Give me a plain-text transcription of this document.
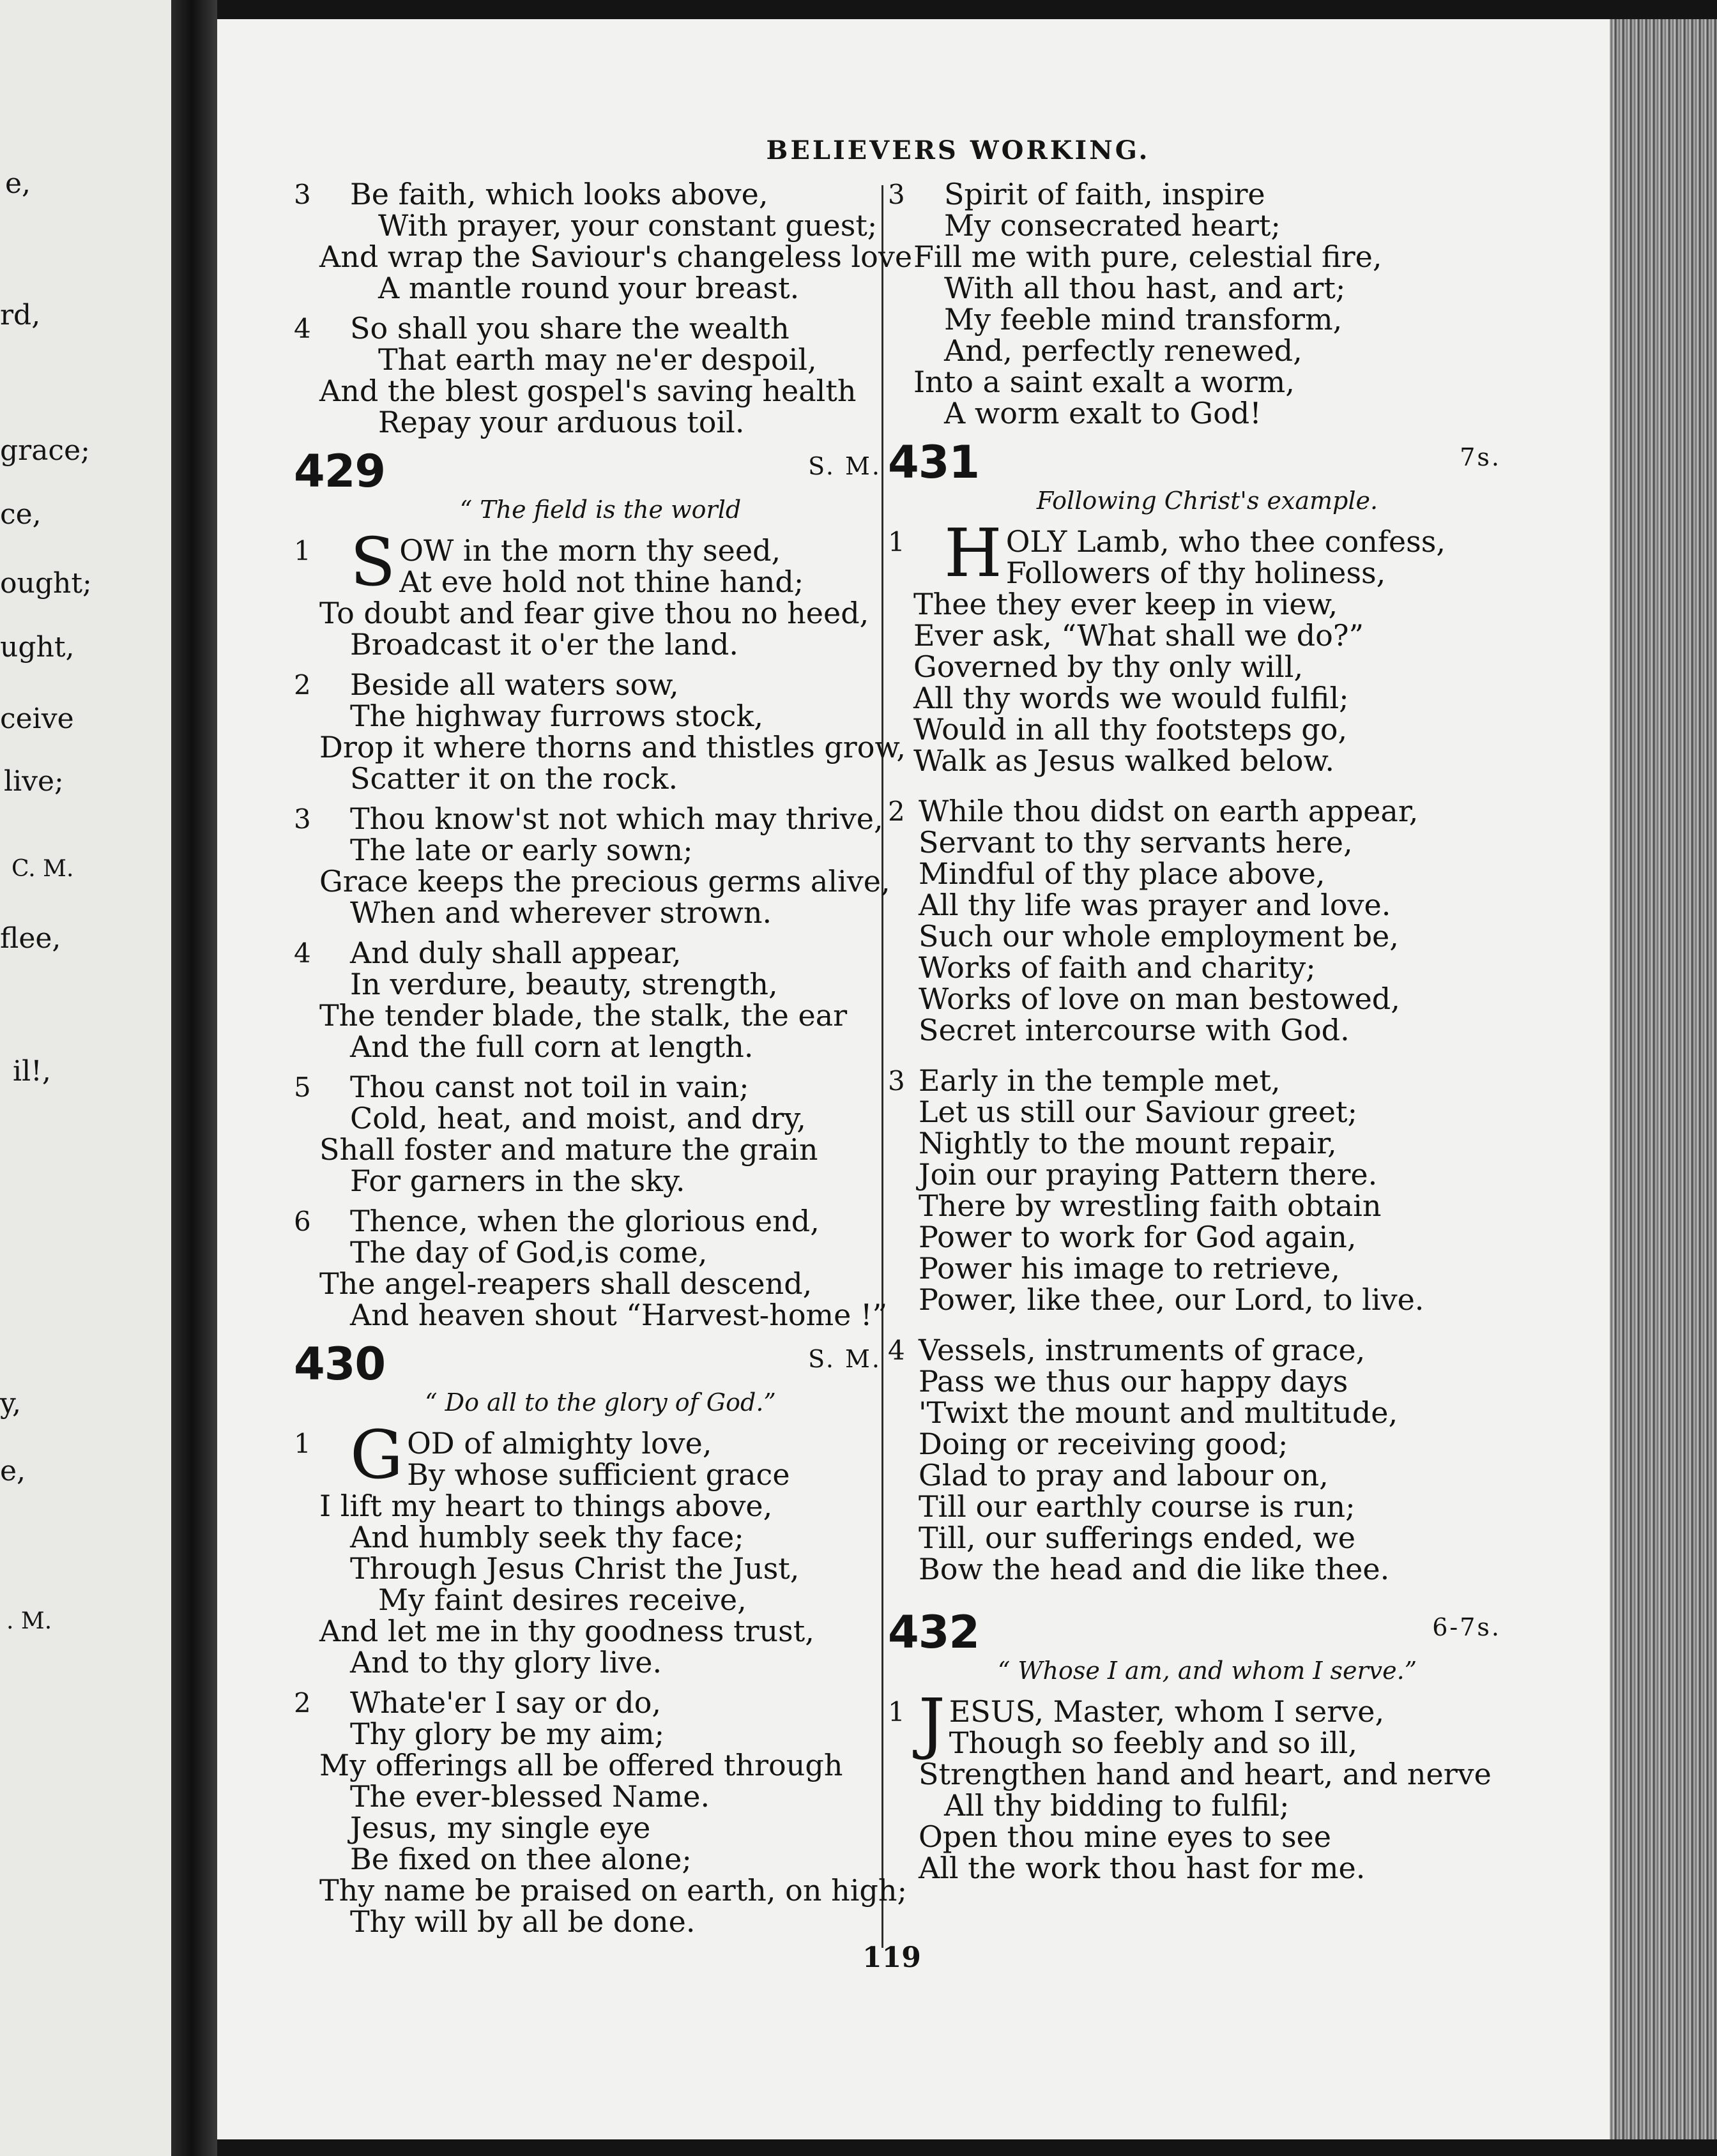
e,
rd,
grace;
ce,
ought;
ught,
ceive
live;
C. M.
flee,
il!,
y,
e,
. M.
BELIEVERS WORKING.
3	Be faith, which looks above,
With prayer, your constant guest;
And wrap the Saviour's changeless love
A mantle round your breast.
4	So shall you share the wealth
That earth may ne'er despoil,
And the blest gospel's saving health
Repay your arduous toil.
429	S. M.
“ The field is the world
1 S OW in the morn thy seed,
At eve hold not thine hand;
To doubt and fear give thou no heed,
Broadcast it o'er the land.
2	Beside all waters sow,
The highway furrows stock,
Drop it where thorns and thistles grow,
Scatter it on the rock.
3	Thou know'st not which may thrive,
The late or early sown;
Grace keeps the precious germs alive,
When and wherever strown.
4	And duly shall appear,
In verdure, beauty, strength,
The tender blade, the stalk, the ear
And the full corn at length.
5	Thou canst not toil in vain;
Cold, heat, and moist, and dry,
Shall foster and mature the grain
For garners in the sky.
6	Thence, when the glorious end,
The day of God,is come,
The angel-reapers shall descend,
And heaven shout “Harvest-home !”
430	S. M.
“ Do all to the glory of God.”
1 G OD of almighty love,
By whose sufficient grace
I lift my heart to things above,
And humbly seek thy face;
Through Jesus Christ the Just,
My faint desires receive,
And let me in thy goodness trust,
And to thy glory live.
2	Whate'er I say or do,
Thy glory be my aim;
My offerings all be offered through
The ever-blessed Name.
Jesus, my single eye
Be fixed on thee alone;
Thy name be praised on earth, on high;
Thy will by all be done.
3	Spirit of faith, inspire
My consecrated heart;
Fill me with pure, celestial fire,
With all thou hast, and art;
My feeble mind transform,
And, perfectly renewed,
Into a saint exalt a worm,
A worm exalt to God!
431	7s.
Following Christ's example.
1 H OLY Lamb, who thee confess,
Followers of thy holiness,
Thee they ever keep in view,
Ever ask, “What shall we do?”
Governed by thy only will,
All thy words we would fulfil;
Would in all thy footsteps go,
Walk as Jesus walked below.
2 While thou didst on earth appear,
Servant to thy servants here,
Mindful of thy place above,
All thy life was prayer and love.
Such our whole employment be,
Works of faith and charity;
Works of love on man bestowed,
Secret intercourse with God.
3 Early in the temple met,
Let us still our Saviour greet;
Nightly to the mount repair,
Join our praying Pattern there.
There by wrestling faith obtain
Power to work for God again,
Power his image to retrieve,
Power, like thee, our Lord, to live.
4 Vessels, instruments of grace,
Pass we thus our happy days
'Twixt the mount and multitude,
Doing or receiving good;
Glad to pray and labour on,
Till our earthly course is run;
Till, our sufferings ended, we
Bow the head and die like thee.
432	6-7s.
“ Whose I am, and whom I serve.”
1 J ESUS, Master, whom I serve,
Though so feebly and so ill,
Strengthen hand and heart, and nerve
All thy bidding to fulfil;
Open thou mine eyes to see
All the work thou hast for me.
119
